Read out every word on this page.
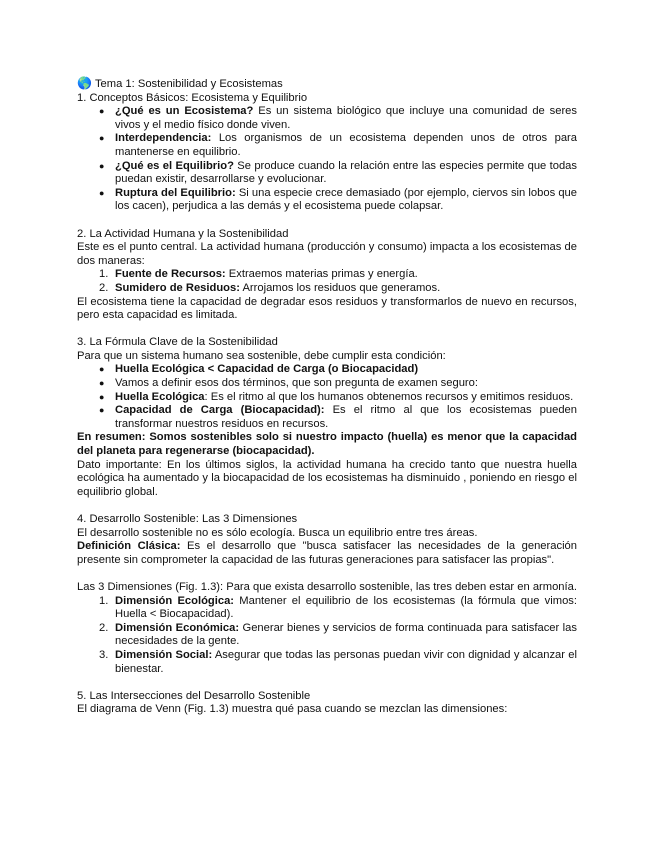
🌎 Tema 1: Sostenibilidad y Ecosistemas

1. Conceptos Básicos: Ecosistema y Equilibrio

● ¿Qué es un Ecosistema? Es un sistema biológico que incluye una comunidad de seres vivos y el medio físico donde viven.
● Interdependencia: Los organismos de un ecosistema dependen unos de otros para mantenerse en equilibrio.
● ¿Qué es el Equilibrio? Se produce cuando la relación entre las especies permite que todas puedan existir, desarrollarse y evolucionar.
● Ruptura del Equilibrio: Si una especie crece demasiado (por ejemplo, ciervos sin lobos que los cacen), perjudica a las demás y el ecosistema puede colapsar.

2. La Actividad Humana y la Sostenibilidad

Este es el punto central. La actividad humana (producción y consumo) impacta a los ecosistemas de dos maneras:

1. Fuente de Recursos: Extraemos materias primas y energía.
2. Sumidero de Residuos: Arrojamos los residuos que generamos.

El ecosistema tiene la capacidad de degradar esos residuos y transformarlos de nuevo en recursos, pero esta capacidad es limitada.

3. La Fórmula Clave de la Sostenibilidad

Para que un sistema humano sea sostenible, debe cumplir esta condición:

● Huella Ecológica < Capacidad de Carga (o Biocapacidad)
● Vamos a definir esos dos términos, que son pregunta de examen seguro:
● Huella Ecológica: Es el ritmo al que los humanos obtenemos recursos y emitimos residuos.
● Capacidad de Carga (Biocapacidad): Es el ritmo al que los ecosistemas pueden transformar nuestros residuos en recursos.

En resumen: Somos sostenibles solo si nuestro impacto (huella) es menor que la capacidad del planeta para regenerarse (biocapacidad).

Dato importante: En los últimos siglos, la actividad humana ha crecido tanto que nuestra huella ecológica ha aumentado y la biocapacidad de los ecosistemas ha disminuido , poniendo en riesgo el equilibrio global.

4. Desarrollo Sostenible: Las 3 Dimensiones

El desarrollo sostenible no es sólo ecología. Busca un equilibrio entre tres áreas.

Definición Clásica: Es el desarrollo que "busca satisfacer las necesidades de la generación presente sin comprometer la capacidad de las futuras generaciones para satisfacer las propias".

Las 3 Dimensiones (Fig. 1.3): Para que exista desarrollo sostenible, las tres deben estar en armonía.

1. Dimensión Ecológica: Mantener el equilibrio de los ecosistemas (la fórmula que vimos: Huella < Biocapacidad).
2. Dimensión Económica: Generar bienes y servicios de forma continuada para satisfacer las necesidades de la gente.
3. Dimensión Social: Asegurar que todas las personas puedan vivir con dignidad y alcanzar el bienestar.

5. Las Intersecciones del Desarrollo Sostenible

El diagrama de Venn (Fig. 1.3) muestra qué pasa cuando se mezclan las dimensiones:
